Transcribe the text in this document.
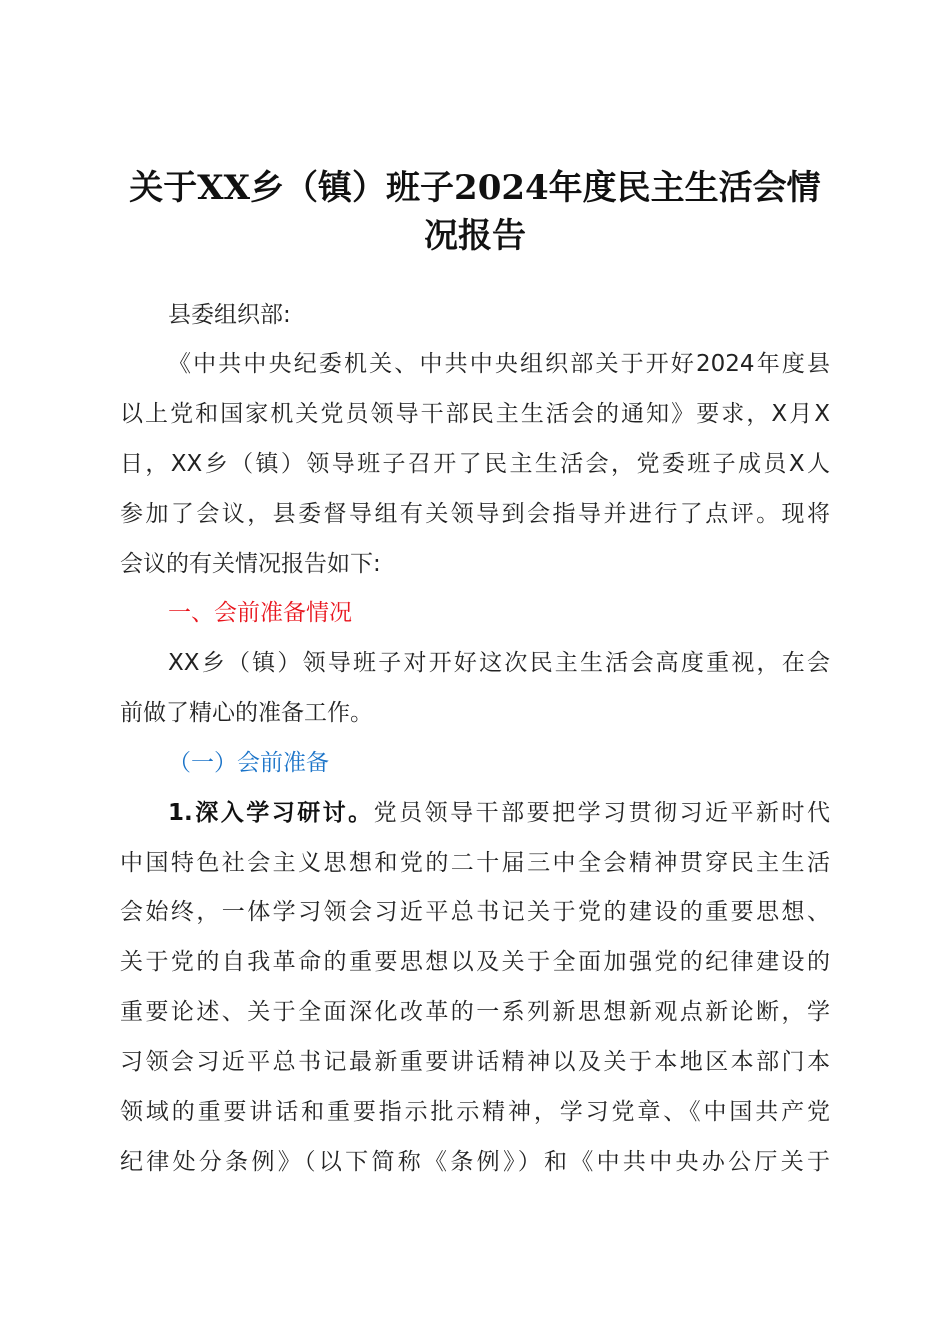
关于XX乡（镇）班子2024年度民主生活会情
况报告
县委组织部:
《中共中央纪委机关、中共中央组织部关于开好2024年度县
以上党和国家机关党员领导干部民主生活会的通知》要求，X月X
日，XX乡（镇）领导班子召开了民主生活会，党委班子成员X人
参加了会议，县委督导组有关领导到会指导并进行了点评。现将
会议的有关情况报告如下:
一、会前准备情况
XX乡（镇）领导班子对开好这次民主生活会高度重视，在会
前做了精心的准备工作。
（一）会前准备
1.深入学习研讨。党员领导干部要把学习贯彻习近平新时代
中国特色社会主义思想和党的二十届三中全会精神贯穿民主生活
会始终，一体学习领会习近平总书记关于党的建设的重要思想、
关于党的自我革命的重要思想以及关于全面加强党的纪律建设的
重要论述、关于全面深化改革的一系列新思想新观点新论断，学
习领会习近平总书记最新重要讲话精神以及关于本地区本部门本
领域的重要讲话和重要指示批示精神，学习党章、《中国共产党
纪律处分条例》（以下简称《条例》）和《中共中央办公厅关于
